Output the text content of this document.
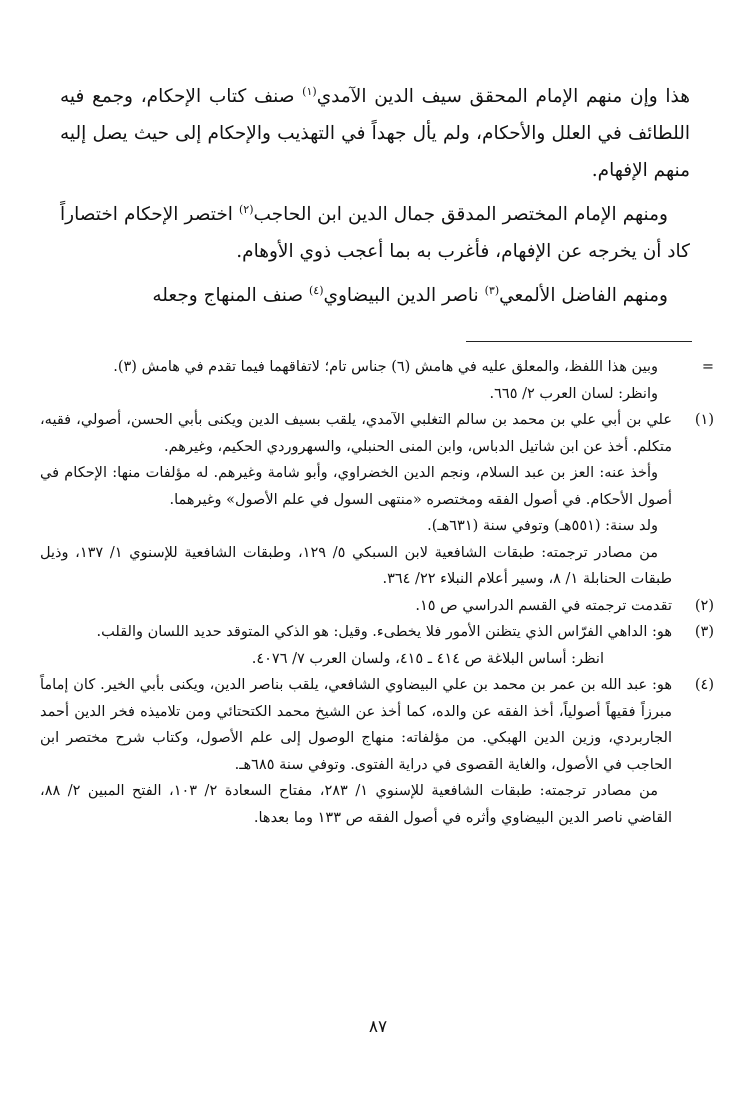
هذا وإن منهم الإمام المحقق سيف الدين الآمدي$^{(١)}$ صنف كتاب الإحكام، وجمع فيه اللطائف في العلل والأحكام، ولم يأل جهداً في التهذيب والإحكام إلى حيث يصل إليه منهم الإفهام.

ومنهم الإمام المختصر المدقق جمال الدين ابن الحاجب$^{(٢)}$ اختصر الإحكام اختصاراً كاد أن يخرجه عن الإفهام، فأغرب به بما أعجب ذوي الأوهام.

ومنهم الفاضل الألمعي$^{(٣)}$ ناصر الدين البيضاوي$^{(٤)}$ صنف المنهاج وجعله

=

وبين هذا اللفظ، والمعلق عليه في هامش (٦) جناس تام؛ لاتفاقهما فيما تقدم في هامش (٣).

وانظر: لسان العرب ٢/ ٦٦٥.

(١)

علي بن أبي علي بن محمد بن سالم التغلبي الآمدي، يلقب بسيف الدين ويكنى بأبي الحسن، أصولي، فقيه، متكلم. أخذ عن ابن شاتيل الدباس، وابن المنى الحنبلي، والسهروردي الحكيم، وغيرهم.

وأخذ عنه: العز بن عبد السلام، ونجم الدين الخضراوي، وأبو شامة وغيرهم. له مؤلفات منها: الإحكام في أصول الأحكام. في أصول الفقه ومختصره «منتهى السول في علم الأصول» وغيرهما.

ولد سنة: (٥٥١هـ) وتوفي سنة (٦٣١هـ).

من مصادر ترجمته: طبقات الشافعية لابن السبكي ٥/ ١٢٩، وطبقات الشافعية للإسنوي ١/ ١٣٧، وذيل طبقات الحنابلة ١/ ٨، وسير أعلام النبلاء ٢٢/ ٣٦٤.

(٢)

تقدمت ترجمته في القسم الدراسي ص ١٥.

(٣)

هو: الداهي الفرّاس الذي يتظنن الأمور فلا يخطىء. وقيل: هو الذكي المتوقد حديد اللسان والقلب.

انظر: أساس البلاغة ص ٤١٤ ـ ٤١٥، ولسان العرب ٧/ ٤٠٧٦.

(٤)

هو: عبد الله بن عمر بن محمد بن علي البيضاوي الشافعي، يلقب بناصر الدين، ويكنى بأبي الخير. كان إماماً مبرزاً فقيهاً أصولياً، أخذ الفقه عن والده، كما أخذ عن الشيخ محمد الكتحتائي ومن تلاميذه فخر الدين أحمد الجاربردي، وزين الدين الهبكي. من مؤلفاته: منهاج الوصول إلى علم الأصول، وكتاب شرح مختصر ابن الحاجب في الأصول، والغاية القصوى في دراية الفتوى. وتوفي سنة ٦٨٥هـ.

من مصادر ترجمته: طبقات الشافعية للإسنوي ١/ ٢٨٣، مفتاح السعادة ٢/ ١٠٣، الفتح المبين ٢/ ٨٨، القاضي ناصر الدين البيضاوي وأثره في أصول الفقه ص ١٣٣ وما بعدها.

٨٧
